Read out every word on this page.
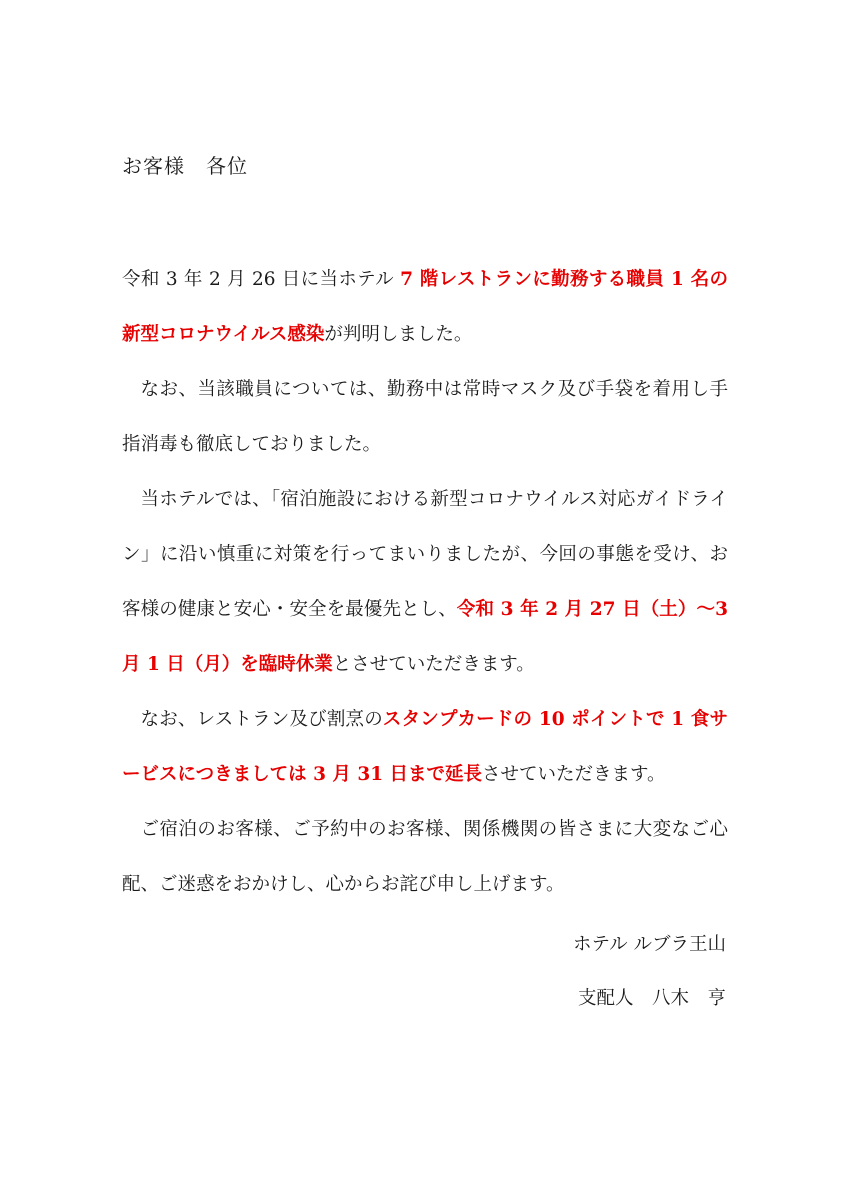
お客様　各位

令和 3 年 2 月 26 日に当ホテル 7 階レストランに勤務する職員 1 名の新型コロナウイルス感染が判明しました。

なお、当該職員については、勤務中は常時マスク及び手袋を着用し手指消毒も徹底しておりました。

当ホテルでは、「宿泊施設における新型コロナウイルス対応ガイドライン」に沿い慎重に対策を行ってまいりましたが、今回の事態を受け、お客様の健康と安心・安全を最優先とし、令和 3 年 2 月 27 日（土）～3 月 1 日（月）を臨時休業とさせていただきます。

なお、レストラン及び割烹のスタンプカードの 10 ポイントで 1 食サービスにつきましては 3 月 31 日まで延長させていただきます。

ご宿泊のお客様、ご予約中のお客様、関係機関の皆さまに大変なご心配、ご迷惑をおかけし、心からお詫び申し上げます。

ホテル ルブラ王山
支配人　八木　亨
